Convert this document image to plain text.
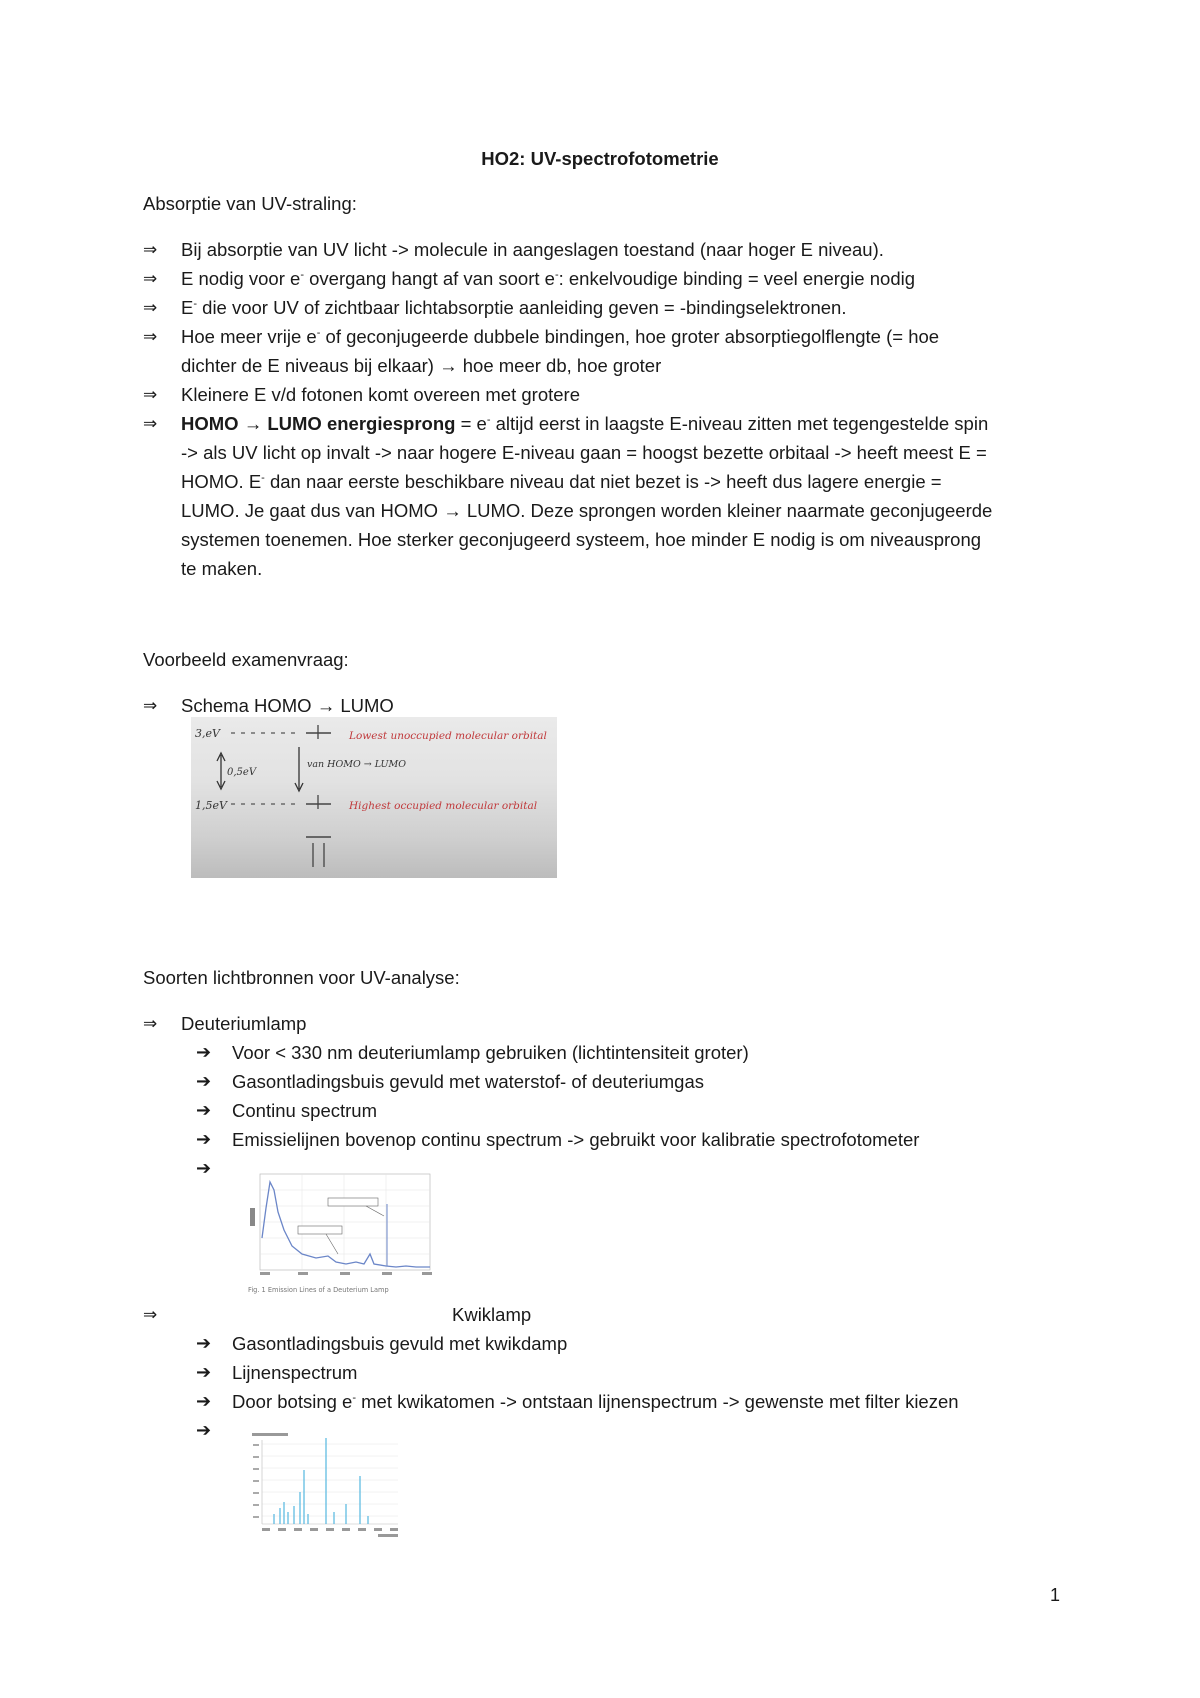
HO2: UV-spectrofotometrie
Absorptie van UV-straling:
⇒ Bij absorptie van UV licht -> molecule in aangeslagen toestand (naar hoger E niveau).
⇒ E nodig voor e- overgang hangt af van soort e-: enkelvoudige binding = veel energie nodig
⇒ E- die voor UV of zichtbaar lichtabsorptie aanleiding geven = -bindingselektronen.
⇒ Hoe meer vrije e- of geconjugeerde dubbele bindingen, hoe groter absorptiegolflengte (= hoe
dichter de E niveaus bij elkaar) → hoe meer db, hoe groter
⇒ Kleinere E v/d fotonen komt overeen met grotere
⇒ HOMO → LUMO energiesprong = e- altijd eerst in laagste E-niveau zitten met tegengestelde spin
-> als UV licht op invalt -> naar hogere E-niveau gaan = hoogst bezette orbitaal -> heeft meest E =
HOMO. E- dan naar eerste beschikbare niveau dat niet bezet is -> heeft dus lagere energie =
LUMO. Je gaat dus van HOMO → LUMO. Deze sprongen worden kleiner naarmate geconjugeerde
systemen toenemen. Hoe sterker geconjugeerd systeem, hoe minder E nodig is om niveausprong
te maken.
Voorbeeld examenvraag:
⇒ Schema HOMO → LUMO
3,eV
1,5eV
0,5eV
van HOMO → LUMO
Lowest unoccupied molecular orbital
Highest occupied molecular orbital
Soorten lichtbronnen voor UV-analyse:
⇒ Deuteriumlamp
➔ Voor < 330 nm deuteriumlamp gebruiken (lichtintensiteit groter)
➔ Gasontladingsbuis gevuld met waterstof- of deuteriumgas
➔ Continu spectrum
➔ Emissielijnen bovenop continu spectrum -> gebruikt voor kalibratie spectrofotometer
➔
Fig. 1 Emission Lines of a Deuterium Lamp
⇒	Kwiklamp
➔ Gasontladingsbuis gevuld met kwikdamp
➔ Lijnenspectrum
➔ Door botsing e- met kwikatomen -> ontstaan lijnenspectrum -> gewenste met filter kiezen
➔
1
